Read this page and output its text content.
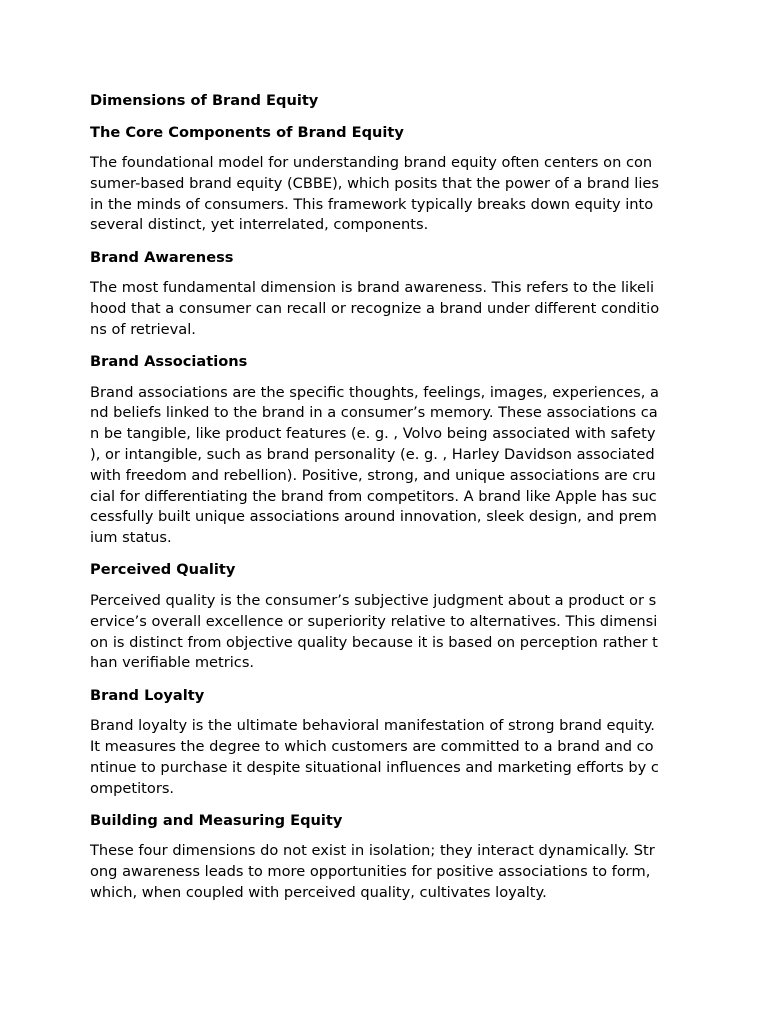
Dimensions of Brand Equity
The Core Components of Brand Equity
The foundational model for understanding brand equity often centers on con
sumer-based brand equity (CBBE), which posits that the power of a brand lies
in the minds of consumers. This framework typically breaks down equity into
several distinct, yet interrelated, components.
Brand Awareness
The most fundamental dimension is brand awareness. This refers to the likeli
hood that a consumer can recall or recognize a brand under different conditio
ns of retrieval.
Brand Associations
Brand associations are the specific thoughts, feelings, images, experiences, a
nd beliefs linked to the brand in a consumer’s memory. These associations ca
n be tangible, like product features (e. g. , Volvo being associated with safety
), or intangible, such as brand personality (e. g. , Harley Davidson associated
with freedom and rebellion). Positive, strong, and unique associations are cru
cial for differentiating the brand from competitors. A brand like Apple has suc
cessfully built unique associations around innovation, sleek design, and prem
ium status.
Perceived Quality
Perceived quality is the consumer’s subjective judgment about a product or s
ervice’s overall excellence or superiority relative to alternatives. This dimensi
on is distinct from objective quality because it is based on perception rather t
han verifiable metrics.
Brand Loyalty
Brand loyalty is the ultimate behavioral manifestation of strong brand equity.
It measures the degree to which customers are committed to a brand and co
ntinue to purchase it despite situational influences and marketing efforts by c
ompetitors.
Building and Measuring Equity
These four dimensions do not exist in isolation; they interact dynamically. Str
ong awareness leads to more opportunities for positive associations to form,
which, when coupled with perceived quality, cultivates loyalty.
